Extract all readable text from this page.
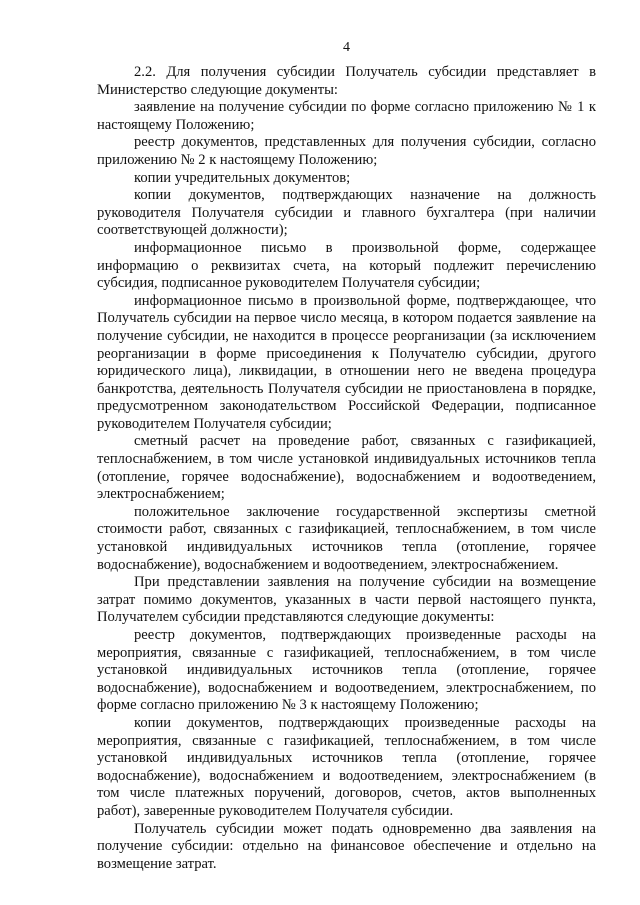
4

2.2. Для получения субсидии Получатель субсидии представляет в Министерство следующие документы:

заявление на получение субсидии по форме согласно приложению № 1 к настоящему Положению;

реестр документов, представленных для получения субсидии, согласно приложению № 2 к настоящему Положению;

копии учредительных документов;

копии документов, подтверждающих назначение на должность руководителя Получателя субсидии и главного бухгалтера (при наличии соответствующей должности);

информационное письмо в произвольной форме, содержащее информацию о реквизитах счета, на который подлежит перечислению субсидия, подписанное руководителем Получателя субсидии;

информационное письмо в произвольной форме, подтверждающее, что Получатель субсидии на первое число месяца, в котором подается заявление на получение субсидии, не находится в процессе реорганизации (за исключением реорганизации в форме присоединения к Получателю субсидии, другого юридического лица), ликвидации, в отношении него не введена процедура банкротства, деятельность Получателя субсидии не приостановлена в порядке, предусмотренном законодательством Российской Федерации, подписанное руководителем Получателя субсидии;

сметный расчет на проведение работ, связанных с газификацией, теплоснабжением, в том числе установкой индивидуальных источников тепла (отопление, горячее водоснабжение), водоснабжением и водоотведением, электроснабжением;

положительное заключение государственной экспертизы сметной стоимости работ, связанных с газификацией, теплоснабжением, в том числе установкой индивидуальных источников тепла (отопление, горячее водоснабжение), водоснабжением и водоотведением, электроснабжением.

При представлении заявления на получение субсидии на возмещение затрат помимо документов, указанных в части первой настоящего пункта, Получателем субсидии представляются следующие документы:

реестр документов, подтверждающих произведенные расходы на мероприятия, связанные с газификацией, теплоснабжением, в том числе установкой индивидуальных источников тепла (отопление, горячее водоснабжение), водоснабжением и водоотведением, электроснабжением, по форме согласно приложению № 3 к настоящему Положению;

копии документов, подтверждающих произведенные расходы на мероприятия, связанные с газификацией, теплоснабжением, в том числе установкой индивидуальных источников тепла (отопление, горячее водоснабжение), водоснабжением и водоотведением, электроснабжением (в том числе платежных поручений, договоров, счетов, актов выполненных работ), заверенные руководителем Получателя субсидии.

Получатель субсидии может подать одновременно два заявления на получение субсидии: отдельно на финансовое обеспечение и отдельно на возмещение затрат.
